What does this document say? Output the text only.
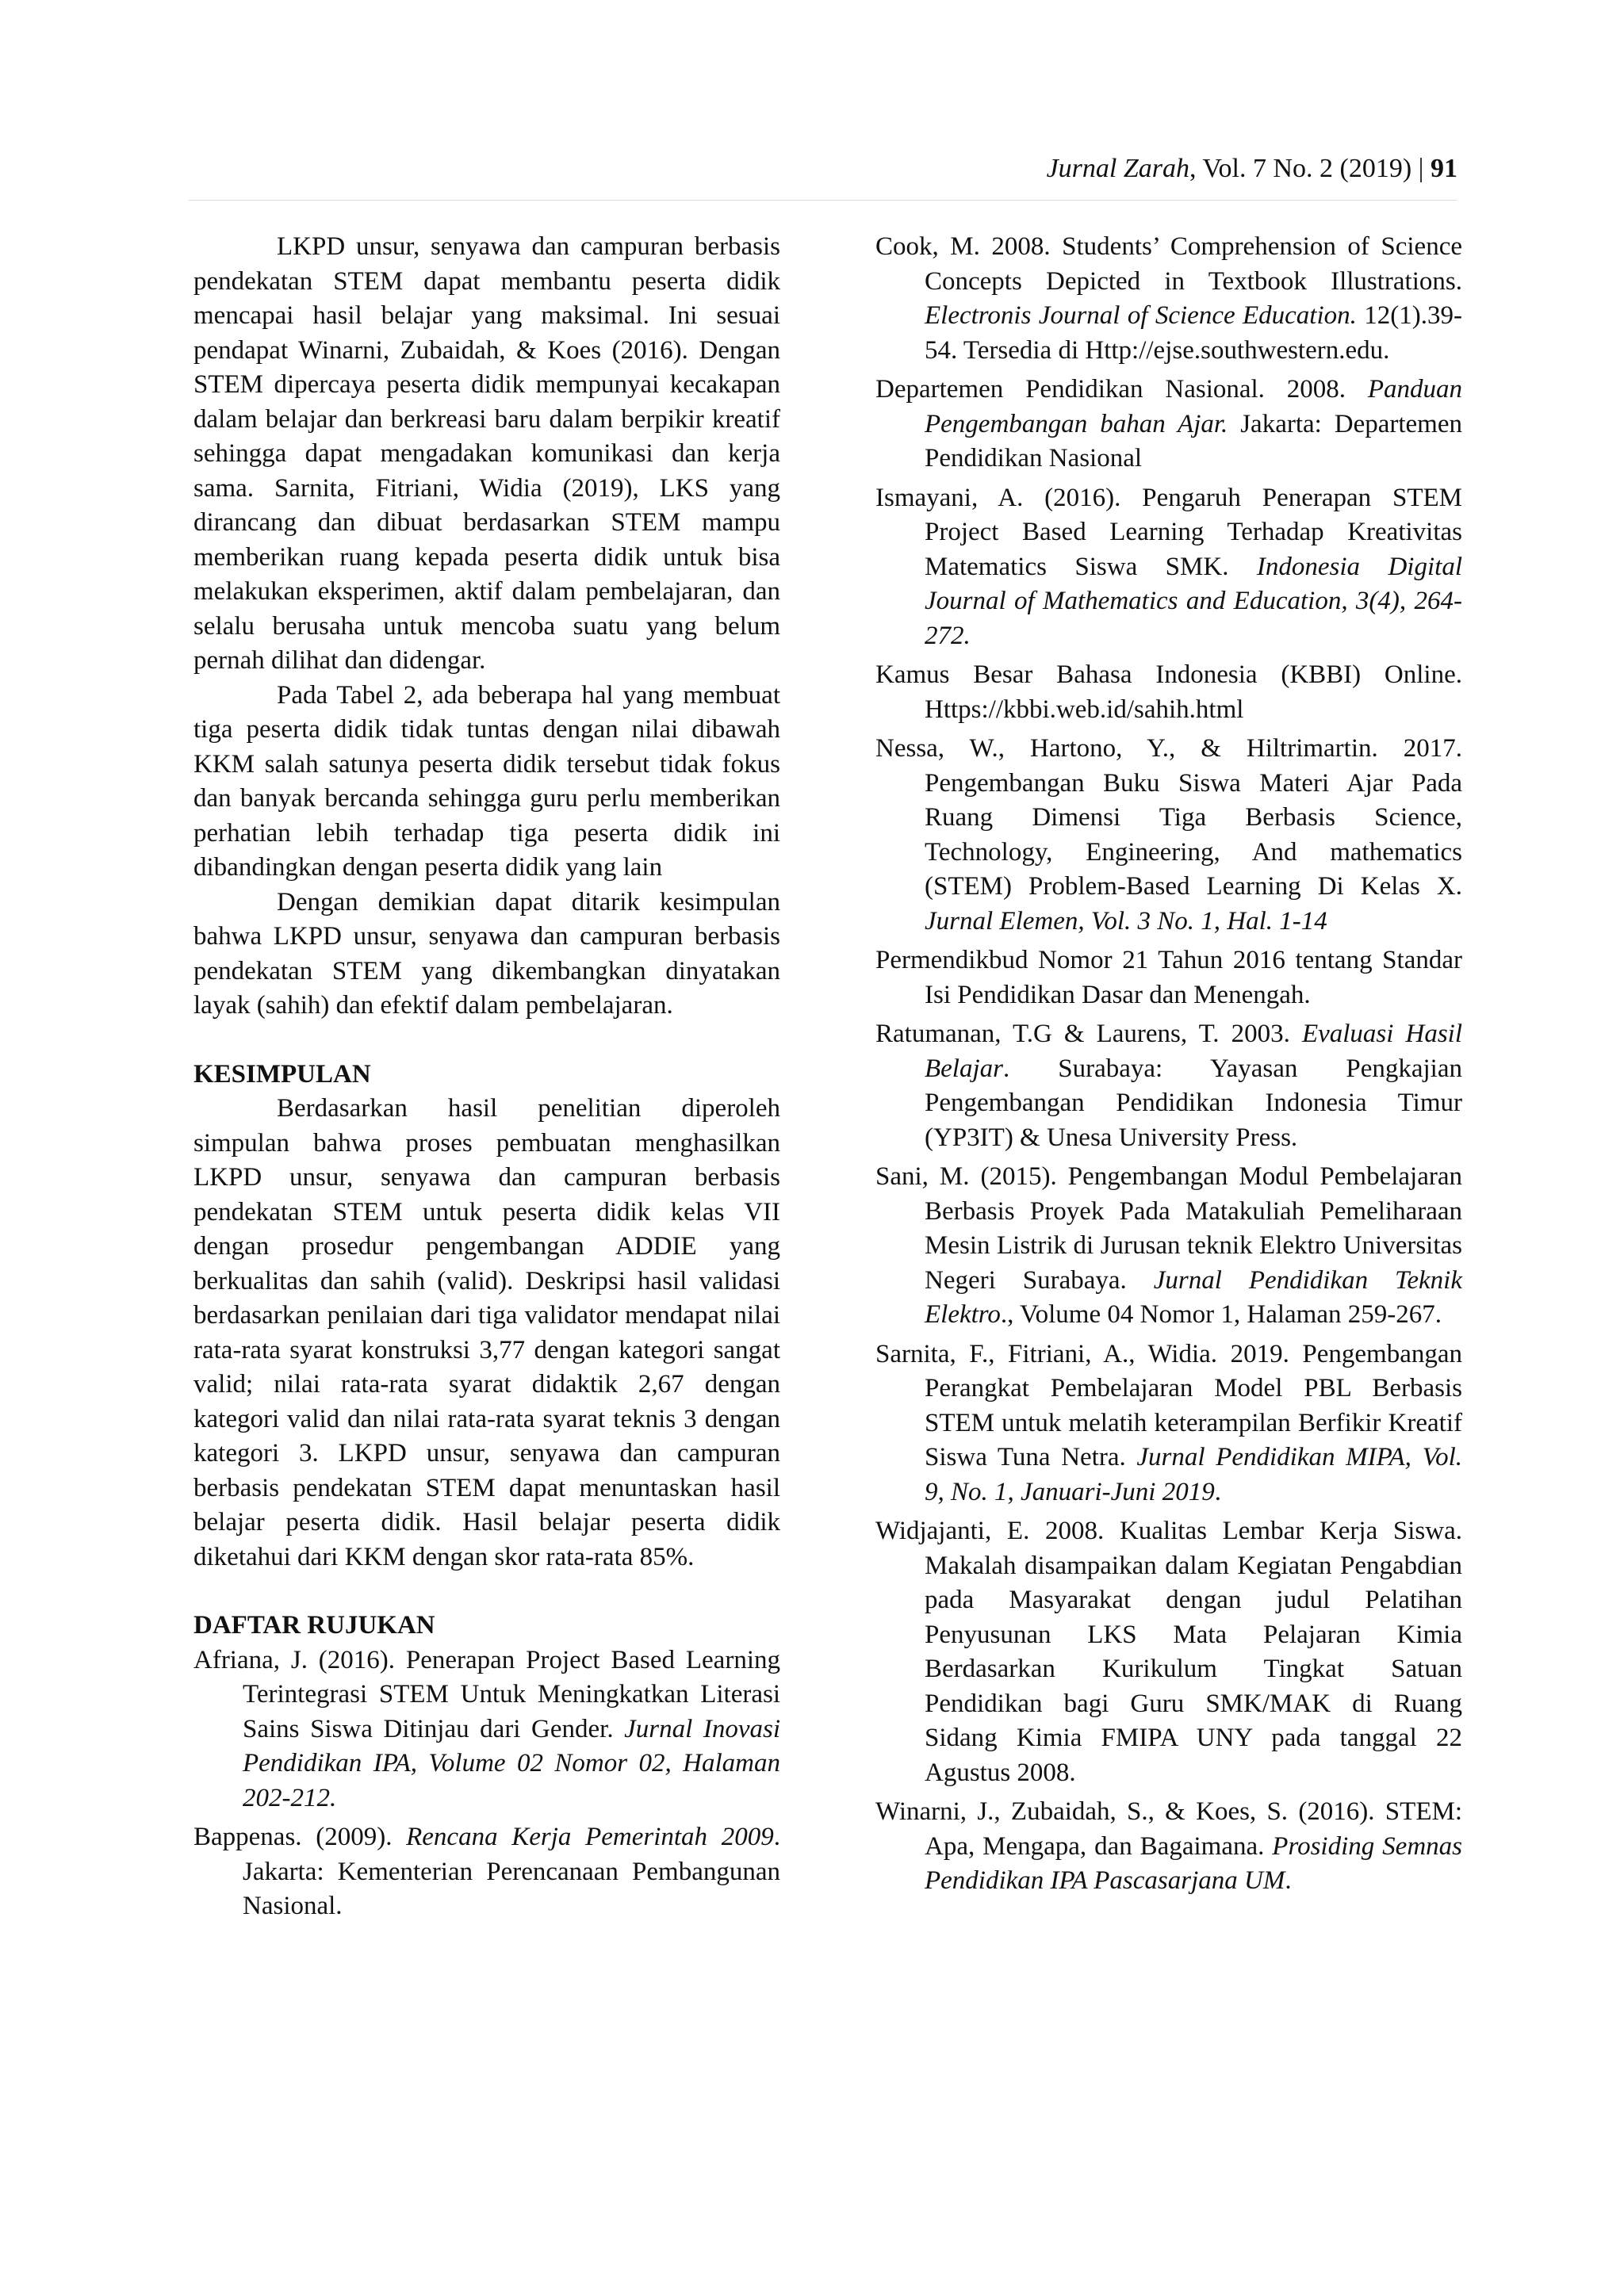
Jurnal Zarah, Vol. 7 No. 2 (2019) | 91

LKPD unsur, senyawa dan campuran berbasis pendekatan STEM dapat membantu peserta didik mencapai hasil belajar yang maksimal. Ini sesuai pendapat Winarni, Zubaidah, & Koes (2016). Dengan STEM dipercaya peserta didik mempunyai kecakapan dalam belajar dan berkreasi baru dalam berpikir kreatif sehingga dapat mengadakan komunikasi dan kerja sama. Sarnita, Fitriani, Widia (2019), LKS yang dirancang dan dibuat berdasarkan STEM mampu memberikan ruang kepada peserta didik untuk bisa melakukan eksperimen, aktif dalam pembelajaran, dan selalu berusaha untuk mencoba suatu yang belum pernah dilihat dan didengar.

Pada Tabel 2, ada beberapa hal yang membuat tiga peserta didik tidak tuntas dengan nilai dibawah KKM salah satunya peserta didik tersebut tidak fokus dan banyak bercanda sehingga guru perlu memberikan perhatian lebih terhadap tiga peserta didik ini dibandingkan dengan peserta didik yang lain

Dengan demikian dapat ditarik kesimpulan bahwa LKPD unsur, senyawa dan campuran berbasis pendekatan STEM yang dikembangkan dinyatakan layak (sahih) dan efektif dalam pembelajaran.

KESIMPULAN

Berdasarkan hasil penelitian diperoleh simpulan bahwa proses pembuatan menghasilkan LKPD unsur, senyawa dan campuran berbasis pendekatan STEM untuk peserta didik kelas VII dengan prosedur pengembangan ADDIE yang berkualitas dan sahih (valid). Deskripsi hasil validasi berdasarkan penilaian dari tiga validator mendapat nilai rata-rata syarat konstruksi 3,77 dengan kategori sangat valid; nilai rata-rata syarat didaktik 2,67 dengan kategori valid dan nilai rata-rata syarat teknis 3 dengan kategori 3. LKPD unsur, senyawa dan campuran berbasis pendekatan STEM dapat menuntaskan hasil belajar peserta didik. Hasil belajar peserta didik diketahui dari KKM dengan skor rata-rata 85%.

DAFTAR RUJUKAN

Afriana, J. (2016). Penerapan Project Based Learning Terintegrasi STEM Untuk Meningkatkan Literasi Sains Siswa Ditinjau dari Gender. Jurnal Inovasi Pendidikan IPA, Volume 02 Nomor 02, Halaman 202-212.
Bappenas. (2009). Rencana Kerja Pemerintah 2009. Jakarta: Kementerian Perencanaan Pembangunan Nasional.
Cook, M. 2008. Students’ Comprehension of Science Concepts Depicted in Textbook Illustrations. Electronis Journal of Science Education. 12(1).39-54. Tersedia di Http://ejse.southwestern.edu.
Departemen Pendidikan Nasional. 2008. Panduan Pengembangan bahan Ajar. Jakarta: Departemen Pendidikan Nasional
Ismayani, A. (2016). Pengaruh Penerapan STEM Project Based Learning Terhadap Kreativitas Matematics Siswa SMK. Indonesia Digital Journal of Mathematics and Education, 3(4), 264-272.
Kamus Besar Bahasa Indonesia (KBBI) Online. Https://kbbi.web.id/sahih.html
Nessa, W., Hartono, Y., & Hiltrimartin. 2017. Pengembangan Buku Siswa Materi Ajar Pada Ruang Dimensi Tiga Berbasis Science, Technology, Engineering, And mathematics (STEM) Problem-Based Learning Di Kelas X. Jurnal Elemen, Vol. 3 No. 1, Hal. 1-14
Permendikbud Nomor 21 Tahun 2016 tentang Standar Isi Pendidikan Dasar dan Menengah.
Ratumanan, T.G & Laurens, T. 2003. Evaluasi Hasil Belajar. Surabaya: Yayasan Pengkajian Pengembangan Pendidikan Indonesia Timur (YP3IT) & Unesa University Press.
Sani, M. (2015). Pengembangan Modul Pembelajaran Berbasis Proyek Pada Matakuliah Pemeliharaan Mesin Listrik di Jurusan teknik Elektro Universitas Negeri Surabaya. Jurnal Pendidikan Teknik Elektro., Volume 04 Nomor 1, Halaman 259-267.
Sarnita, F., Fitriani, A., Widia. 2019. Pengembangan Perangkat Pembelajaran Model PBL Berbasis STEM untuk melatih keterampilan Berfikir Kreatif Siswa Tuna Netra. Jurnal Pendidikan MIPA, Vol. 9, No. 1, Januari-Juni 2019.
Widjajanti, E. 2008. Kualitas Lembar Kerja Siswa. Makalah disampaikan dalam Kegiatan Pengabdian pada Masyarakat dengan judul Pelatihan Penyusunan LKS Mata Pelajaran Kimia Berdasarkan Kurikulum Tingkat Satuan Pendidikan bagi Guru SMK/MAK di Ruang Sidang Kimia FMIPA UNY pada tanggal 22 Agustus 2008.
Winarni, J., Zubaidah, S., & Koes, S. (2016). STEM: Apa, Mengapa, dan Bagaimana. Prosiding Semnas Pendidikan IPA Pascasarjana UM.
